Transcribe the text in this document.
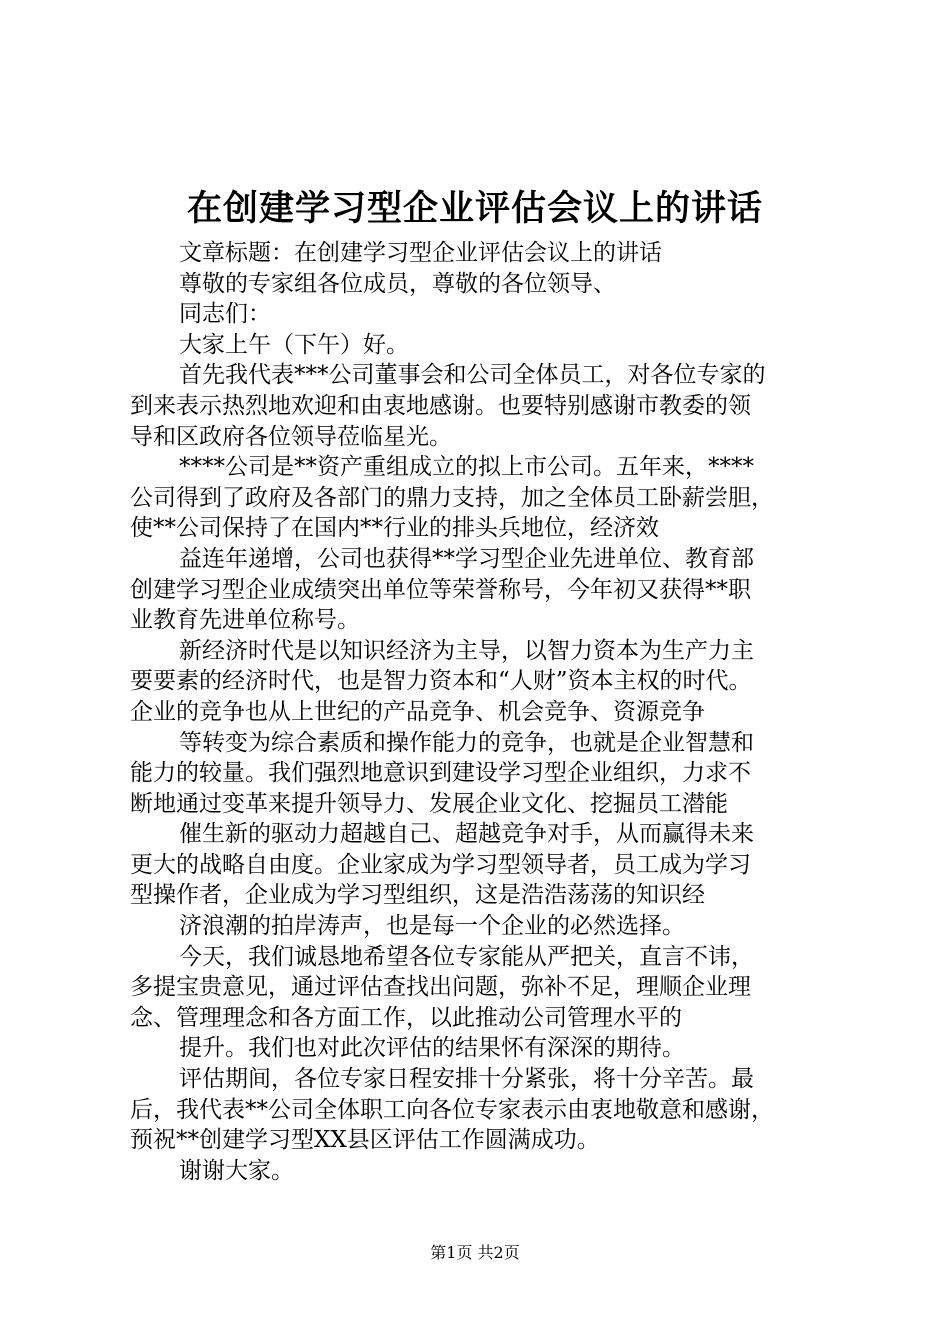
在创建学习型企业评估会议上的讲话
文章标题：在创建学习型企业评估会议上的讲话
尊敬的专家组各位成员，尊敬的各位领导、
同志们：
大家上午（下午）好。
首先我代表***公司董事会和公司全体员工，对各位专家的
到来表示热烈地欢迎和由衷地感谢。也要特别感谢市教委的领
导和区政府各位领导莅临星光。
****公司是**资产重组成立的拟上市公司。五年来，****
公司得到了政府及各部门的鼎力支持，加之全体员工卧薪尝胆，
使**公司保持了在国内**行业的排头兵地位，经济效
益连年递增，公司也获得**学习型企业先进单位、教育部
创建学习型企业成绩突出单位等荣誉称号，今年初又获得**职
业教育先进单位称号。
新经济时代是以知识经济为主导，以智力资本为生产力主
要要素的经济时代，也是智力资本和“人财”资本主权的时代。
企业的竞争也从上世纪的产品竞争、机会竞争、资源竞争
等转变为综合素质和操作能力的竞争，也就是企业智慧和
能力的较量。我们强烈地意识到建设学习型企业组织，力求不
断地通过变革来提升领导力、发展企业文化、挖掘员工潜能
催生新的驱动力超越自己、超越竞争对手，从而赢得未来
更大的战略自由度。企业家成为学习型领导者，员工成为学习
型操作者，企业成为学习型组织，这是浩浩荡荡的知识经
济浪潮的拍岸涛声，也是每一个企业的必然选择。
今天，我们诚恳地希望各位专家能从严把关，直言不讳，
多提宝贵意见，通过评估查找出问题，弥补不足，理顺企业理
念、管理理念和各方面工作，以此推动公司管理水平的
提升。我们也对此次评估的结果怀有深深的期待。
评估期间，各位专家日程安排十分紧张，将十分辛苦。最
后，我代表**公司全体职工向各位专家表示由衷地敬意和感谢，
预祝**创建学习型XX县区评估工作圆满成功。
谢谢大家。
第1页 共2页
